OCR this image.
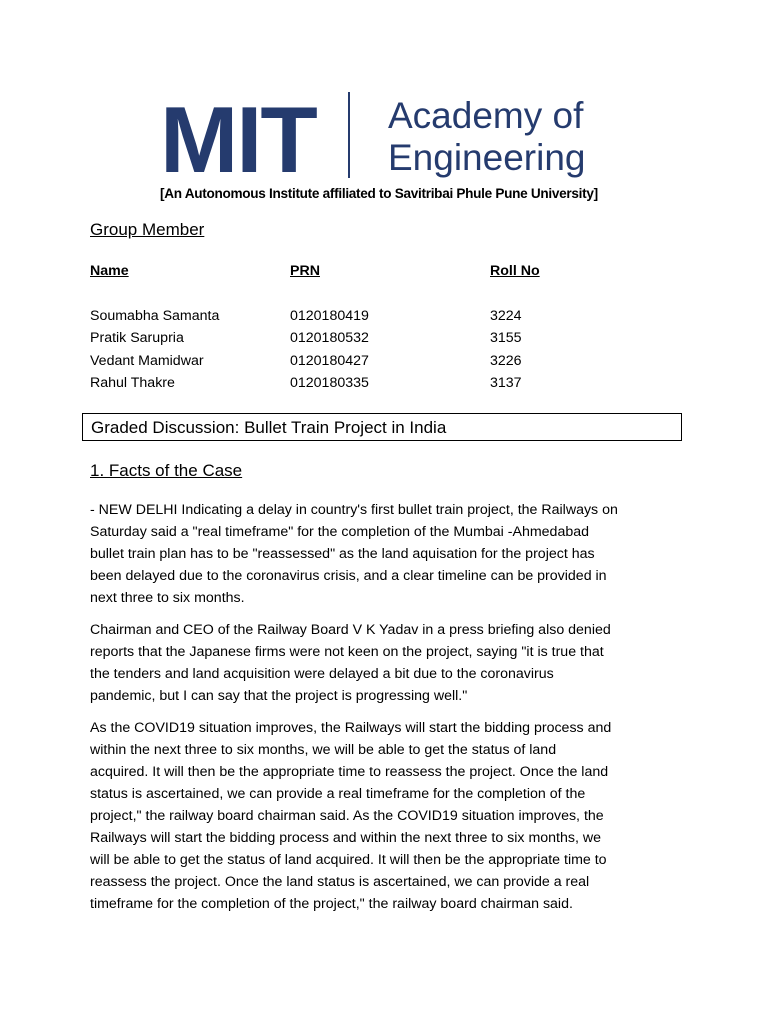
MIT Academy of
Engineering
[An Autonomous Institute affiliated to Savitribai Phule Pune University]
Group Member
Name	PRN	Roll No
Soumabha Samanta	0120180419	3224
Pratik Sarupria	0120180532	3155
Vedant Mamidwar	0120180427	3226
Rahul Thakre	0120180335	3137
Graded Discussion: Bullet Train Project in India
1. Facts of the Case

- NEW DELHI Indicating a delay in country's first bullet train project, the Railways on
Saturday said a "real timeframe" for the completion of the Mumbai -Ahmedabad
bullet train plan has to be "reassessed" as the land aquisation for the project has
been delayed due to the coronavirus crisis, and a clear timeline can be provided in
next three to six months.

Chairman and CEO of the Railway Board V K Yadav in a press briefing also denied
reports that the Japanese firms were not keen on the project, saying "it is true that
the tenders and land acquisition were delayed a bit due to the coronavirus
pandemic, but I can say that the project is progressing well."

As the COVID19 situation improves, the Railways will start the bidding process and
within the next three to six months, we will be able to get the status of land
acquired. It will then be the appropriate time to reassess the project. Once the land
status is ascertained, we can provide a real timeframe for the completion of the
project," the railway board chairman said. As the COVID19 situation improves, the
Railways will start the bidding process and within the next three to six months, we
will be able to get the status of land acquired. It will then be the appropriate time to
reassess the project. Once the land status is ascertained, we can provide a real
timeframe for the completion of the project," the railway board chairman said.
